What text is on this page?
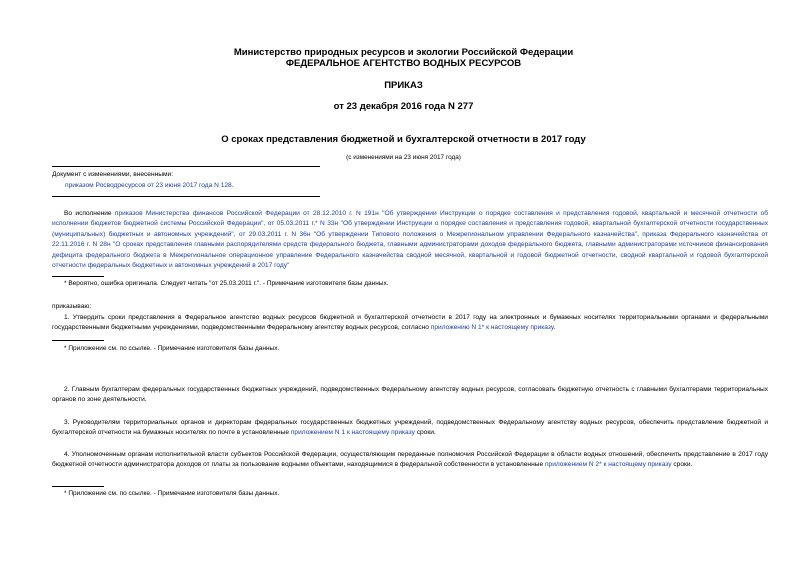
Министерство природных ресурсов и экологии Российской Федерации
ФЕДЕРАЛЬНОЕ АГЕНТСТВО ВОДНЫХ РЕСУРСОВ
ПРИКАЗ
от 23 декабря 2016 года N 277
О сроках представления бюджетной и бухгалтерской отчетности в 2017 году
(с изменениями на 23 июня 2017 года)
Документ с изменениями, внесенными:
приказом Росводресурсов от 23 июня 2017 года N 128.
Во исполнение приказов Министерства финансов Российской Федерации от 28.12.2010 г. N 191н "Об утверждении Инструкции о порядке составления и представления годовой, квартальной и месячной отчетности об исполнении бюджетов бюджетной системы Российской Федерации", от 05.03.2011 г.* N 33н "Об утверждении Инструкции о порядке составления и представления годовой, квартальной бухгалтерской отчетности государственных (муниципальных) бюджетных и автономных учреждений", от 29.03.2011 г. N 36н "Об утверждении Типового положения о Межрегиональном управлении Федерального казначейства", приказа Федерального казначейства от 22.11.2016 г. N 28н "О сроках представления главными распорядителями средств федерального бюджета, главными администраторами доходов федерального бюджета, главными администраторами источников финансирования дефицита федерального бюджета в Межрегиональное операционное управление Федерального казначейства сводной месячной, квартальной и годовой бюджетной отчетности, сводной квартальной и годовой бухгалтерской отчетности федеральных бюджетных и автономных учреждений в 2017 году"
* Вероятно, ошибка оригинала. Следует читать "от 25.03.2011 г.". - Примечание изготовителя базы данных.
приказываю:
1. Утвердить сроки представления в Федеральное агентство водных ресурсов бюджетной и бухгалтерской отчетности в 2017 году на электронных и бумажных носителях территориальными органами и федеральными государственными бюджетными учреждениями, подведомственными Федеральному агентству водных ресурсов, согласно приложению N 1* к настоящему приказу.
* Приложение см. по ссылке. - Примечание изготовителя базы данных.
2. Главным бухгалтерам федеральных государственных бюджетных учреждений, подведомственных Федеральному агентству водных ресурсов, согласовать бюджетную отчетность с главными бухгалтерами территориальных органов по зоне деятельности.
3. Руководителям территориальных органов и директорам федеральных государственных бюджетных учреждений, подведомственных Федеральному агентству водных ресурсов, обеспечить представление бюджетной и бухгалтерской отчетности на бумажных носителях по почте в установленные приложением N 1 к настоящему приказу сроки.
4. Уполномоченным органам исполнительной власти субъектов Российской Федерации, осуществляющим переданные полномочия Российской Федерации в области водных отношений, обеспечить представление в 2017 году бюджетной отчетности администратора доходов от платы за пользование водными объектами, находящимися в федеральной собственности в установленные приложением N 2* к настоящему приказу сроки.
* Приложение см. по ссылке. - Примечание изготовителя базы данных.
